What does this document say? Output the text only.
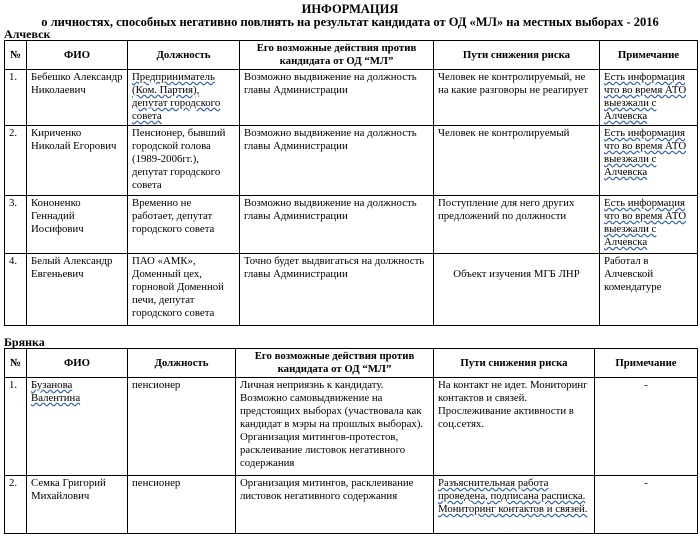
ИНФОРМАЦИЯ
о личностях, способных негативно повлиять на результат кандидата от ОД «МЛ» на местных выборах - 2016
Алчевск
№	ФИО	Должность	Его возможные действия против кандидата от ОД “МЛ”	Пути снижения риска	Примечание
1.	Бебешко Александр Николаевич	Предприниматель (Ком. Партия), депутат городского совета	Возможно выдвижение на должность главы Администрации	Человек не контролируемый, не на какие разговоры не реагирует	Есть информация что во время АТО выезжали с Алчевска
2.	Кириченко Николай Егорович	Пенсионер, бывший городской голова (1989-2006гг.), депутат городского совета	Возможно выдвижение на должность главы Администрации	Человек не контролируемый	Есть информация что во время АТО выезжали с Алчевска
3.	Кононенко Геннадий Иосифович	Временно не работает, депутат городского совета	Возможно выдвижение на должность главы Администрации	Поступление для него других предложений по должности	Есть информация что во время АТО выезжали с Алчевска
4.	Белый Александр Евгеньевич	ПАО «АМК», Доменный цех, горновой Доменной печи, депутат городского совета	Точно будет выдвигаться на должность главы Администрации	Объект изучения МГБ ЛНР	Работал в Алчевской комендатуре
Брянка
№	ФИО	Должность	Его возможные действия против кандидата от ОД “МЛ”	Пути снижения риска	Примечание
1.	Бузанова Валентина	пенсионер	Личная неприязнь к кандидату. Возможно самовыдвижение на предстоящих выборах (участвовала как кандидат в мэры на прошлых выборах). Организация митингов-протестов, расклеивание листовок негативного содержания	На контакт не идет. Мониторинг контактов и связей. Прослеживание активности в соц.сетях.	-
2.	Семка Григорий Михайлович	пенсионер	Организация митингов, расклеивание листовок негативного содержания	Разъяснительная работа проведена, подписана расписка. Мониторинг контактов и связей.	-
